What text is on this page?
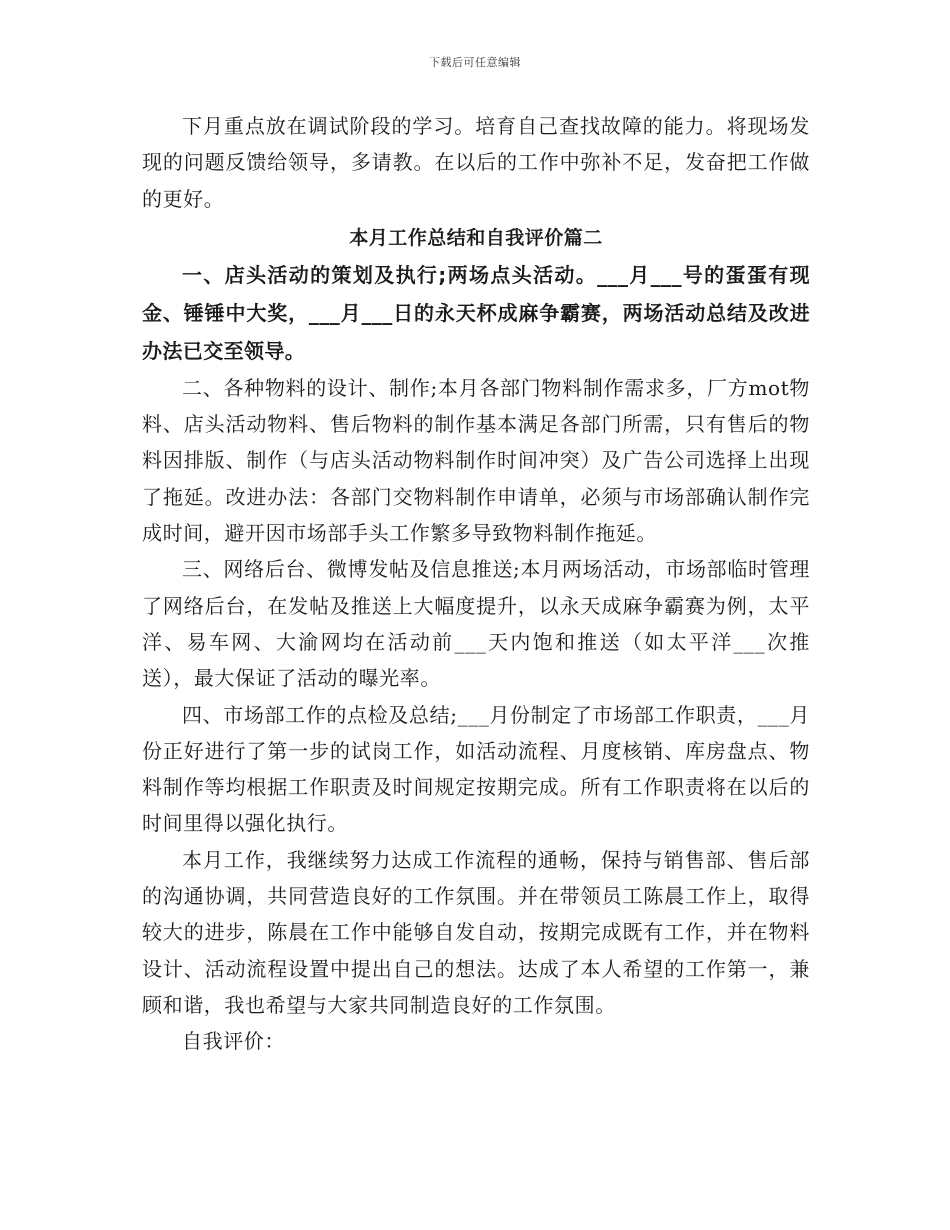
下载后可任意编辑

下月重点放在调试阶段的学习。培育自己查找故障的能力。将现场发现的问题反馈给领导，多请教。在以后的工作中弥补不足，发奋把工作做的更好。

本月工作总结和自我评价篇二

一、店头活动的策划及执行;两场点头活动。___月___号的蛋蛋有现金、锤锤中大奖，___月___日的永天杯成麻争霸赛，两场活动总结及改进办法已交至领导。

二、各种物料的设计、制作;本月各部门物料制作需求多，厂方mot物料、店头活动物料、售后物料的制作基本满足各部门所需，只有售后的物料因排版、制作（与店头活动物料制作时间冲突）及广告公司选择上出现了拖延。改进办法：各部门交物料制作申请单，必须与市场部确认制作完成时间，避开因市场部手头工作繁多导致物料制作拖延。

三、网络后台、微博发帖及信息推送;本月两场活动，市场部临时管理了网络后台，在发帖及推送上大幅度提升，以永天成麻争霸赛为例，太平洋、易车网、大渝网均在活动前___天内饱和推送（如太平洋___次推送），最大保证了活动的曝光率。

四、市场部工作的点检及总结;___月份制定了市场部工作职责，___月份正好进行了第一步的试岗工作，如活动流程、月度核销、库房盘点、物料制作等均根据工作职责及时间规定按期完成。所有工作职责将在以后的时间里得以强化执行。

本月工作，我继续努力达成工作流程的通畅，保持与销售部、售后部的沟通协调，共同营造良好的工作氛围。并在带领员工陈晨工作上，取得较大的进步，陈晨在工作中能够自发自动，按期完成既有工作，并在物料设计、活动流程设置中提出自己的想法。达成了本人希望的工作第一，兼顾和谐，我也希望与大家共同制造良好的工作氛围。

自我评价：
